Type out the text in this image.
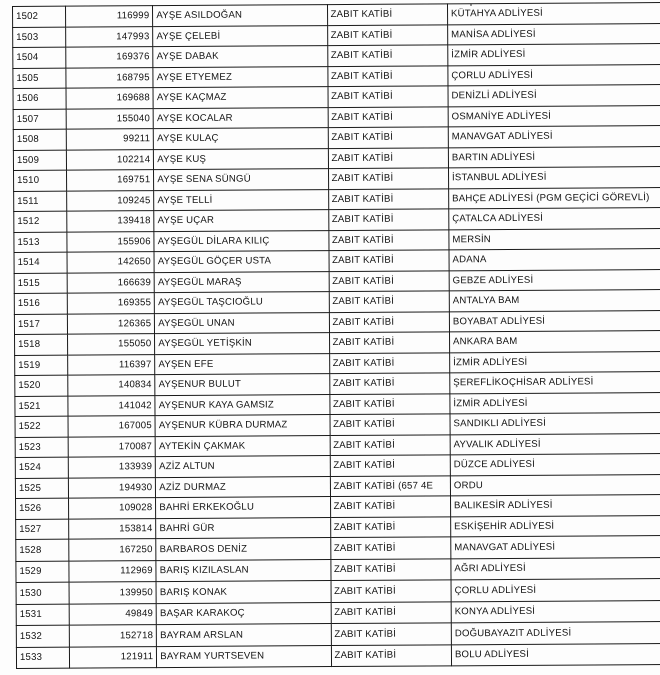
1502	116999	AYŞE ASILDOĞAN	ZABIT KATİBİ	KÜTAHYA ADLİYESİ
1503	147993	AYŞE ÇELEBİ	ZABIT KATİBİ	MANİSA ADLİYESİ
1504	169376	AYŞE DABAK	ZABIT KATİBİ	İZMİR ADLİYESİ
1505	168795	AYŞE ETYEMEZ	ZABIT KATİBİ	ÇORLU ADLİYESİ
1506	169688	AYŞE KAÇMAZ	ZABIT KATİBİ	DENİZLİ ADLİYESİ
1507	155040	AYŞE KOCALAR	ZABIT KATİBİ	OSMANİYE ADLİYESİ
1508	99211	AYŞE KULAÇ	ZABIT KATİBİ	MANAVGAT ADLİYESİ
1509	102214	AYŞE KUŞ	ZABIT KATİBİ	BARTIN ADLİYESİ
1510	169751	AYŞE SENA SÜNGÜ	ZABIT KATİBİ	İSTANBUL ADLİYESİ
1511	109245	AYŞE TELLİ	ZABIT KATİBİ	BAHÇE ADLİYESİ (PGM GEÇİCİ GÖREVLİ)
1512	139418	AYŞE UÇAR	ZABIT KATİBİ	ÇATALCA ADLİYESİ
1513	155906	AYŞEGÜL DİLARA KILIÇ	ZABIT KATİBİ	MERSİN
1514	142650	AYŞEGÜL GÖÇER USTA	ZABIT KATİBİ	ADANA
1515	166639	AYŞEGÜL MARAŞ	ZABIT KATİBİ	GEBZE ADLİYESİ
1516	169355	AYŞEGÜL TAŞCIOĞLU	ZABIT KATİBİ	ANTALYA BAM
1517	126365	AYŞEGÜL UNAN	ZABIT KATİBİ	BOYABAT ADLİYESİ
1518	155050	AYŞEGÜL YETİŞKİN	ZABIT KATİBİ	ANKARA BAM
1519	116397	AYŞEN EFE	ZABIT KATİBİ	İZMİR ADLİYESİ
1520	140834	AYŞENUR BULUT	ZABIT KATİBİ	ŞEREFLİKOÇHİSAR ADLİYESİ
1521	141042	AYŞENUR KAYA GAMSIZ	ZABIT KATİBİ	İZMİR ADLİYESİ
1522	167005	AYŞENUR KÜBRA DURMAZ	ZABIT KATİBİ	SANDIKLI ADLİYESİ
1523	170087	AYTEKİN ÇAKMAK	ZABIT KATİBİ	AYVALIK ADLİYESİ
1524	133939	AZİZ ALTUN	ZABIT KATİBİ	DÜZCE ADLİYESİ
1525	194930	AZİZ DURMAZ	ZABIT KATİBİ (657 4E	ORDU
1526	109028	BAHRİ ERKEKOĞLU	ZABIT KATİBİ	BALIKESİR ADLİYESİ
1527	153814	BAHRİ GÜR	ZABIT KATİBİ	ESKİŞEHİR ADLİYESİ
1528	167250	BARBAROS DENİZ	ZABIT KATİBİ	MANAVGAT ADLİYESİ
1529	112969	BARIŞ KIZILASLAN	ZABIT KATİBİ	AĞRI ADLİYESİ
1530	139950	BARIŞ KONAK	ZABIT KATİBİ	ÇORLU ADLİYESİ
1531	49849	BAŞAR KARAKOÇ	ZABIT KATİBİ	KONYA ADLİYESİ
1532	152718	BAYRAM ARSLAN	ZABIT KATİBİ	DOĞUBAYAZIT ADLİYESİ
1533	121911	BAYRAM YURTSEVEN	ZABIT KATİBİ	BOLU ADLİYESİ
